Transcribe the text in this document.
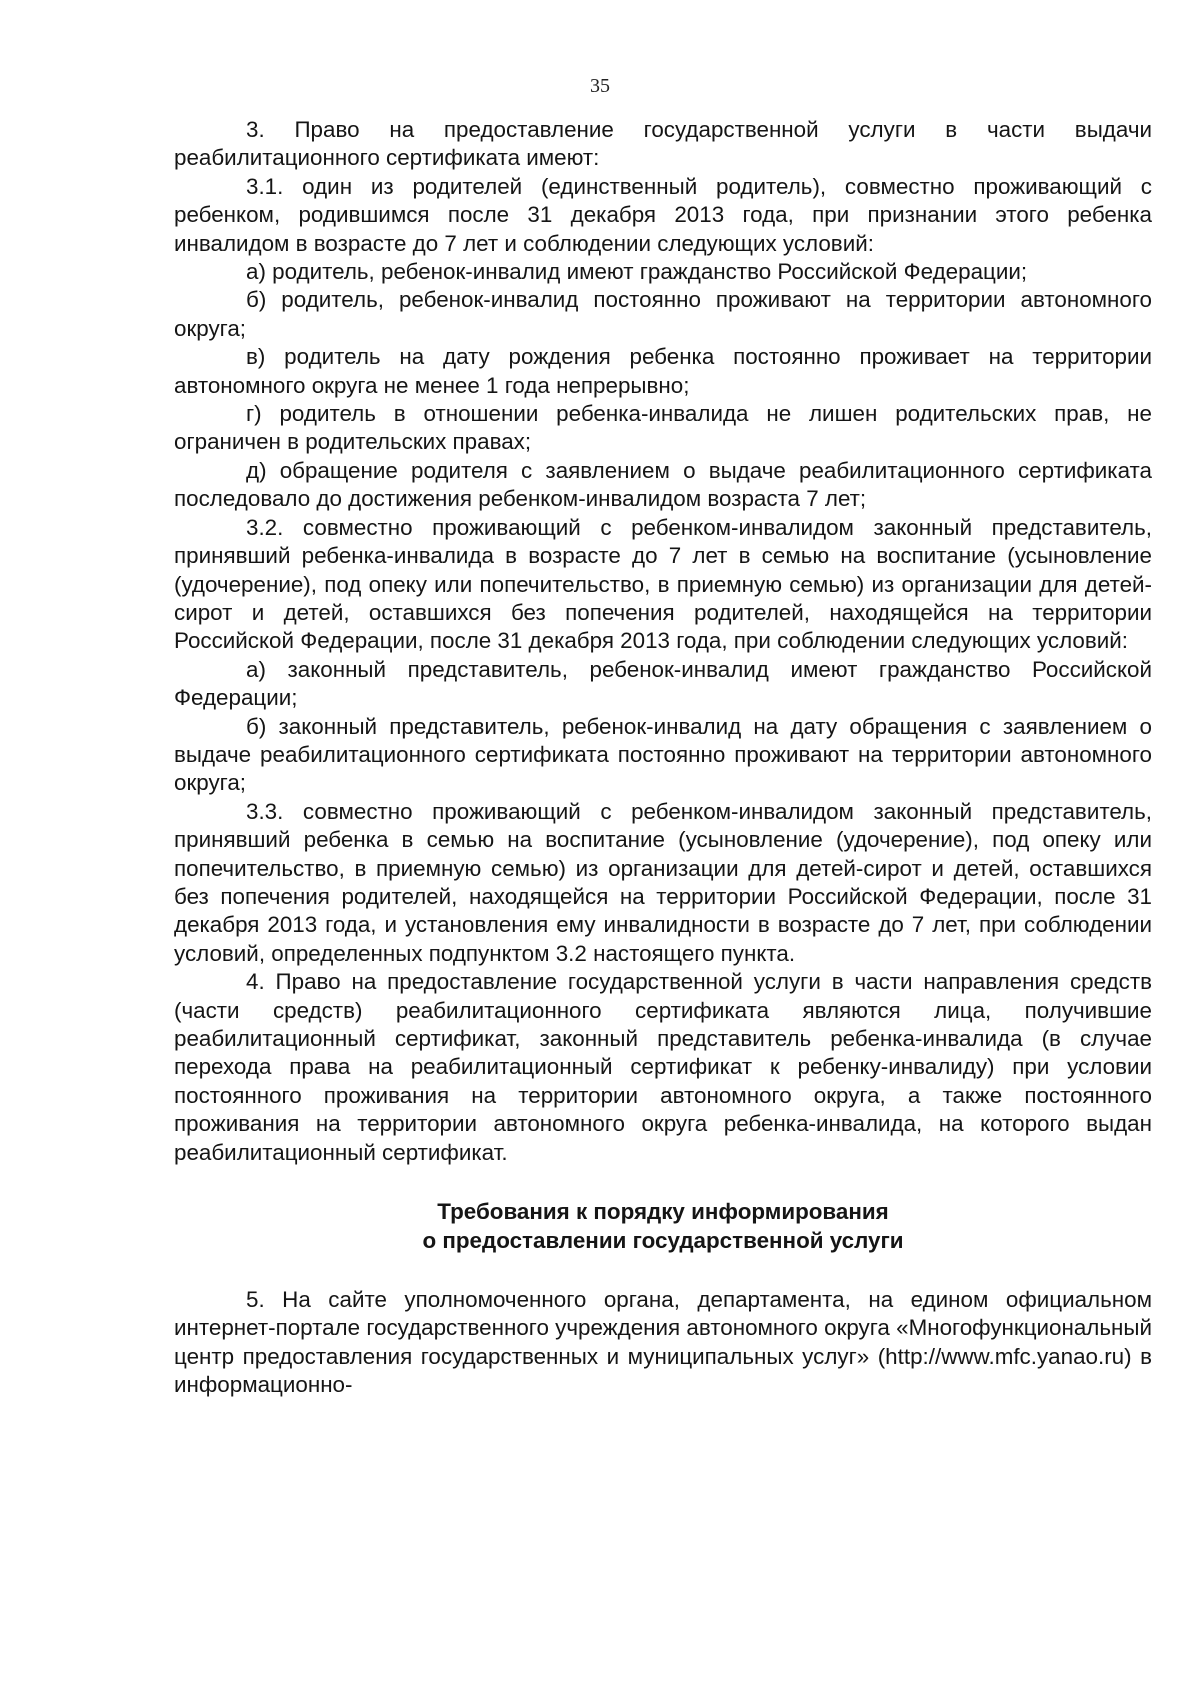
35

3. Право на предоставление государственной услуги в части выдачи реабилитационного сертификата имеют:

3.1. один из родителей (единственный родитель), совместно проживающий с ребенком, родившимся после 31 декабря 2013 года, при признании этого ребенка инвалидом в возрасте до 7 лет и соблюдении следующих условий:

а) родитель, ребенок-инвалид имеют гражданство Российской Федерации;

б) родитель, ребенок-инвалид постоянно проживают на территории автономного округа;

в) родитель на дату рождения ребенка постоянно проживает на территории автономного округа не менее 1 года непрерывно;

г) родитель в отношении ребенка-инвалида не лишен родительских прав, не ограничен в родительских правах;

д) обращение родителя с заявлением о выдаче реабилитационного сертификата последовало до достижения ребенком-инвалидом возраста 7 лет;

3.2. совместно проживающий с ребенком-инвалидом законный представитель, принявший ребенка-инвалида в возрасте до 7 лет в семью на воспитание (усыновление (удочерение), под опеку или попечительство, в приемную семью) из организации для детей-сирот и детей, оставшихся без попечения родителей, находящейся на территории Российской Федерации, после 31 декабря 2013 года, при соблюдении следующих условий:

а) законный представитель, ребенок-инвалид имеют гражданство Российской Федерации;

б) законный представитель, ребенок-инвалид на дату обращения с заявлением о выдаче реабилитационного сертификата постоянно проживают на территории автономного округа;

3.3. совместно проживающий с ребенком-инвалидом законный представитель, принявший ребенка в семью на воспитание (усыновление (удочерение), под опеку или попечительство, в приемную семью) из организации для детей-сирот и детей, оставшихся без попечения родителей, находящейся на территории Российской Федерации, после 31 декабря 2013 года, и установления ему инвалидности в возрасте до 7 лет, при соблюдении условий, определенных подпунктом 3.2 настоящего пункта.

4. Право на предоставление государственной услуги в части направления средств (части средств) реабилитационного сертификата являются лица, получившие реабилитационный сертификат, законный представитель ребенка-инвалида (в случае перехода права на реабилитационный сертификат к ребенку-инвалиду) при условии постоянного проживания на территории автономного округа, а также постоянного проживания на территории автономного округа ребенка-инвалида, на которого выдан реабилитационный сертификат.

Требования к порядку информирования
о предоставлении государственной услуги

5. На сайте уполномоченного органа, департамента, на едином официальном интернет-портале государственного учреждения автономного округа «Многофункциональный центр предоставления государственных и муниципальных услуг» (http://www.mfc.yanao.ru) в информационно-
